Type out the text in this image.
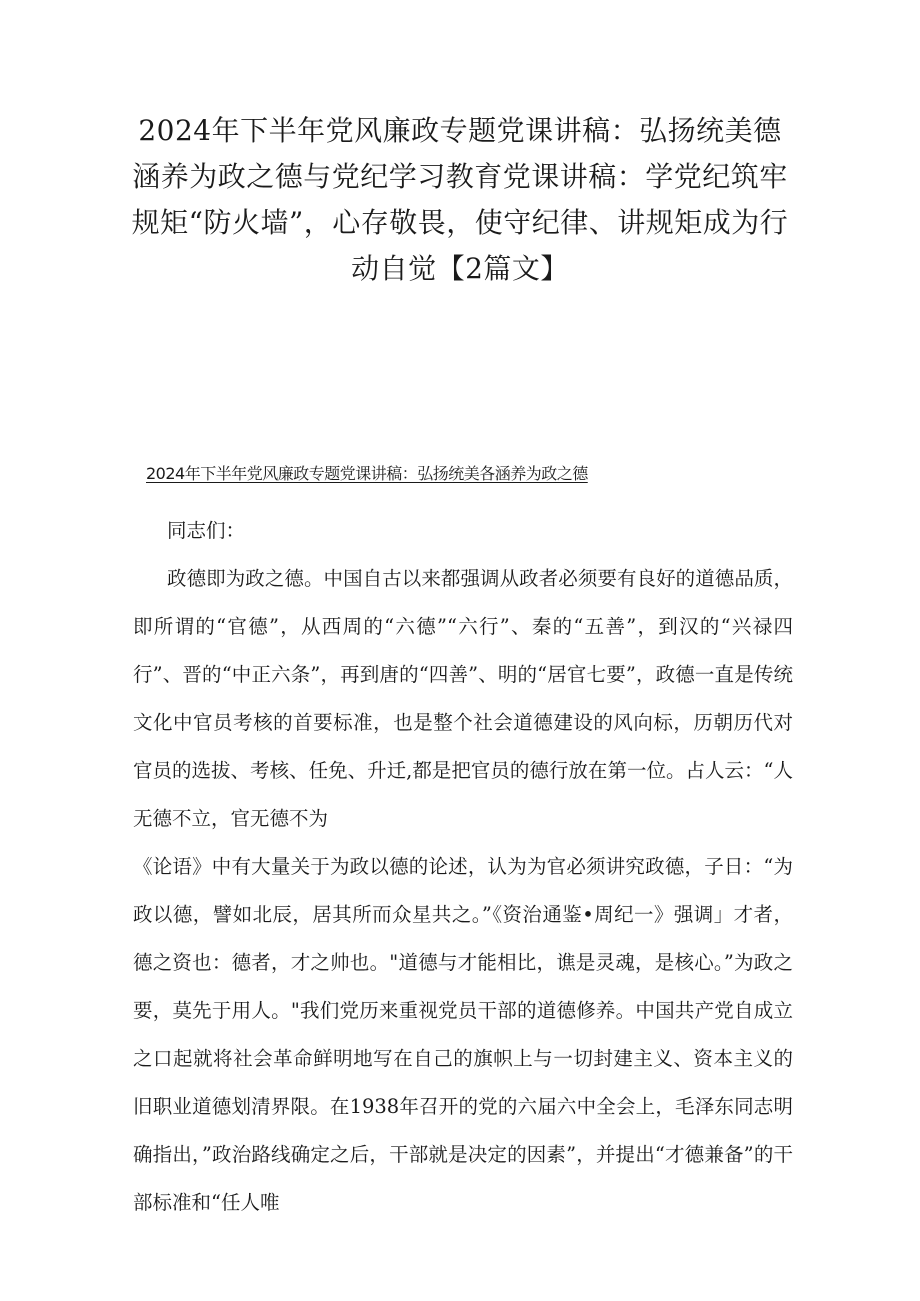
2024年下半年党风廉政专题党课讲稿：弘扬统美德涵养为政之德与党纪学习教育党课讲稿：学党纪筑牢规矩“防火墙”，心存敬畏，使守纪律、讲规矩成为行动自觉【2篇文】
2024年下半年党风廉政专题党课讲稿：弘扬统美各涵养为政之德

同志们：

政德即为政之德。中国自古以来都强调从政者必须要有良好的道德品质，即所谓的“官德”，从西周的“六德”“六行”、秦的“五善”，到汉的“兴禄四行”、晋的“中正六条”，再到唐的“四善”、明的“居官七要”，政德一直是传统文化中官员考核的首要标准，也是整个社会道德建设的风向标，历朝历代对官员的选拔、考核、任免、升迁,都是把官员的德行放在第一位。占人云：“人无德不立，官无德不为

《论语》中有大量关于为政以德的论述，认为为官必须讲究政德，子日：“为政以德，譬如北辰，居其所而众星共之。”《资治通鉴•周纪一》强调」才者，德之资也：德者，才之帅也。"道德与才能相比，谯是灵魂，是核心。”为政之要，莫先于用人。"我们党历来重视党员干部的道德修养。中国共产党自成立之口起就将社会革命鲜明地写在自己的旗帜上与一切封建主义、资本主义的旧职业道德划清界限。在1938年召开的党的六届六中全会上，毛泽东同志明确指出，”政治路线确定之后，干部就是决定的因素”，并提出“才德兼备”的干部标准和“任人唯
